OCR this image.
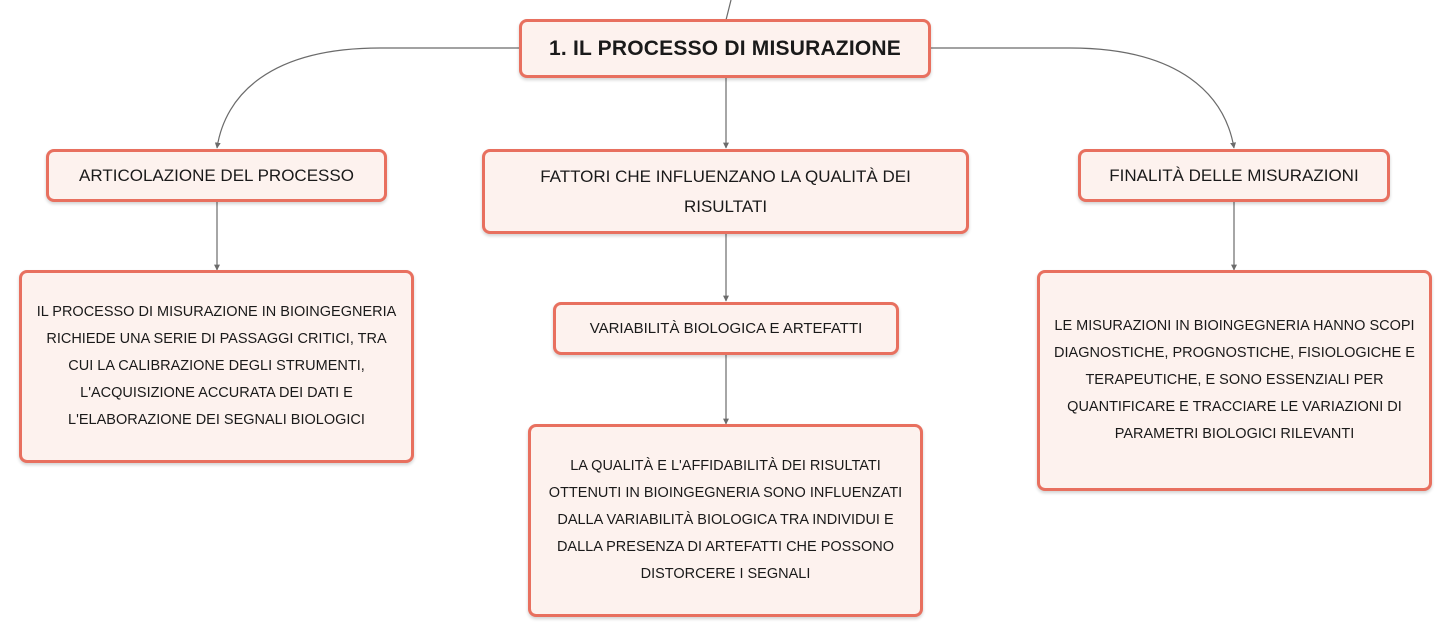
1. IL PROCESSO DI MISURAZIONE
ARTICOLAZIONE DEL PROCESSO	FATTORI CHE INFLUENZANO LA QUALITÀ DEI RISULTATI
FINALITÀ DELLE MISURAZIONI
IL PROCESSO DI MISURAZIONE IN BIOINGEGNERIA RICHIEDE UNA SERIE DI PASSAGGI CRITICI, TRA CUI LA CALIBRAZIONE DEGLI STRUMENTI, L'ACQUISIZIONE ACCURATA DEI DATI E L'ELABORAZIONE DEI SEGNALI BIOLOGICI
VARIABILITÀ BIOLOGICA E ARTEFATTI
LA QUALITÀ E L'AFFIDABILITÀ DEI RISULTATI OTTENUTI IN BIOINGEGNERIA SONO INFLUENZATI DALLA VARIABILITÀ BIOLOGICA TRA INDIVIDUI E DALLA PRESENZA DI ARTEFATTI CHE POSSONO DISTORCERE I SEGNALI
LE MISURAZIONI IN BIOINGEGNERIA HANNO SCOPI DIAGNOSTICHE, PROGNOSTICHE, FISIOLOGICHE E TERAPEUTICHE, E SONO ESSENZIALI PER QUANTIFICARE E TRACCIARE LE VARIAZIONI DI PARAMETRI BIOLOGICI RILEVANTI
